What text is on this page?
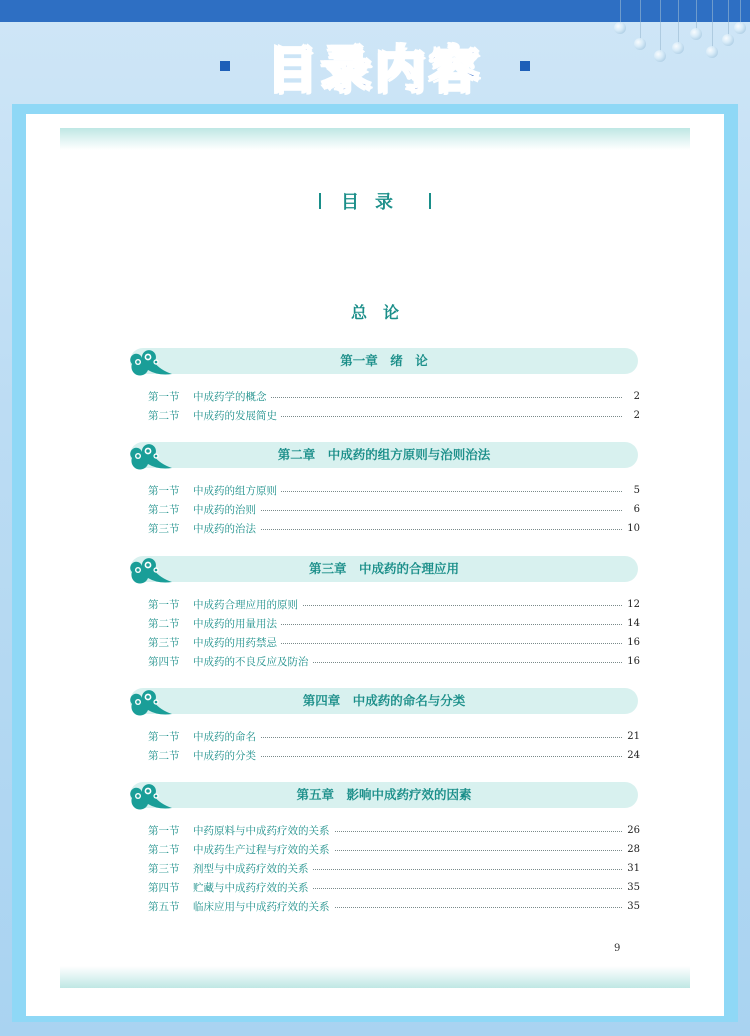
目录内容
目录
总论
第一章　绪　论
第一节 中成药学的概念	2
第二节 中成药的发展简史	2
第二章　中成药的组方原则与治则治法
第一节 中成药的组方原则	5
第二节 中成药的治则	6
第三节 中成药的治法	10
第三章　中成药的合理应用
第一节 中成药合理应用的原则	12
第二节 中成药的用量用法	14
第三节 中成药的用药禁忌	16
第四节 中成药的不良反应及防治	16
第四章　中成药的命名与分类
第一节 中成药的命名	21
第二节 中成药的分类	24
第五章　影响中成药疗效的因素
第一节 中药原料与中成药疗效的关系	26
第二节 中成药生产过程与疗效的关系	28
第三节 剂型与中成药疗效的关系	31
第四节 贮藏与中成药疗效的关系	35
第五节 临床应用与中成药疗效的关系	35
9
